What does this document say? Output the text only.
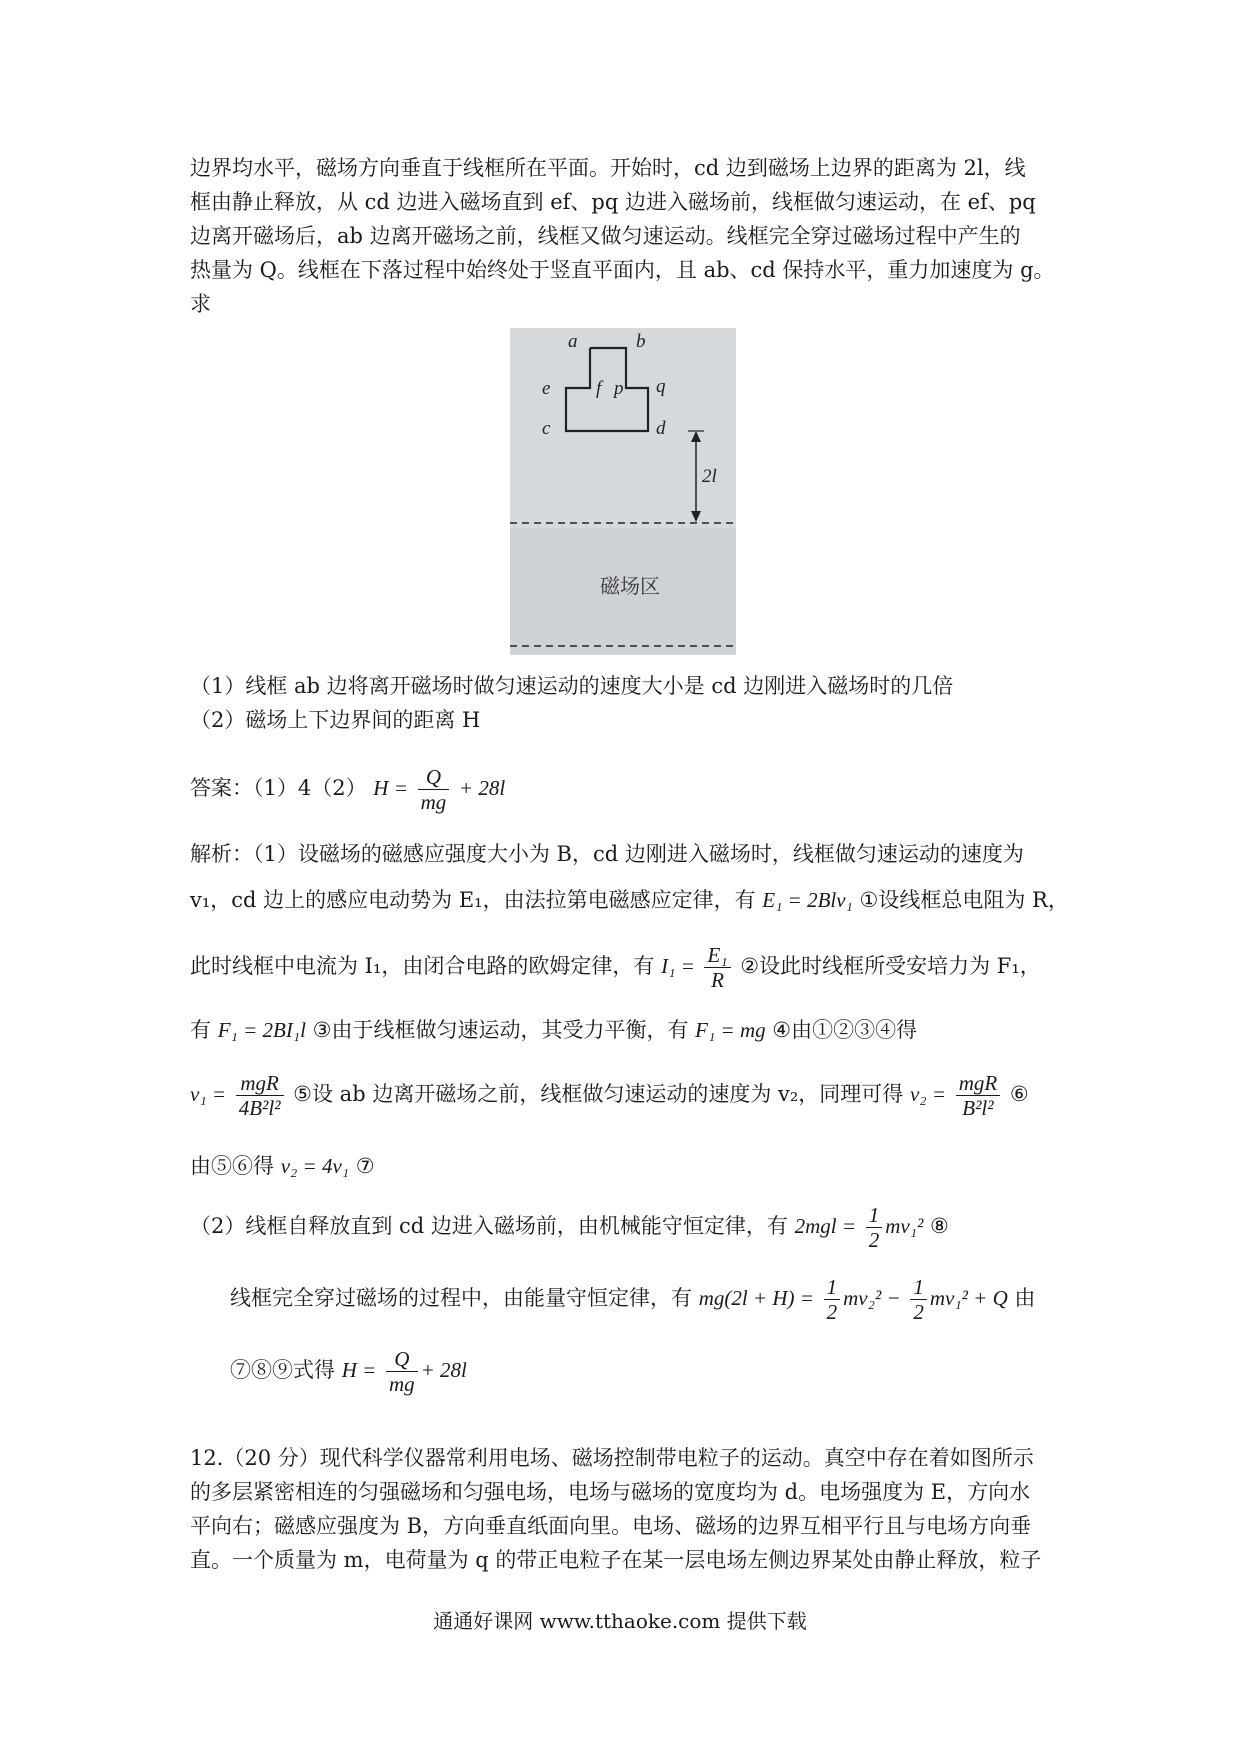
边界均水平，磁场方向垂直于线框所在平面。开始时，cd 边到磁场上边界的距离为 2l，线
框由静止释放，从 cd 边进入磁场直到 ef、pq 边进入磁场前，线框做匀速运动，在 ef、pq
边离开磁场后，ab 边离开磁场之前，线框又做匀速运动。线框完全穿过磁场过程中产生的
热量为 Q。线框在下落过程中始终处于竖直平面内，且 ab、cd 保持水平，重力加速度为 g。
求
a	b
e f p q
c	d
2l
磁场区
（1）线框 ab 边将离开磁场时做匀速运动的速度大小是 cd 边刚进入磁场时的几倍
（2）磁场上下边界间的距离 H
答案：（1）4（2） $H = \frac{Q}{mg} + 28l$
解析：（1）设磁场的磁感应强度大小为 B，cd 边刚进入磁场时，线框做匀速运动的速度为
v₁，cd 边上的感应电动势为 E₁，由法拉第电磁感应定律，有 E₁ = 2Blv₁ ①设线框总电阻为 R，
此时线框中电流为 I₁，由闭合电路的欧姆定律，有 $I_1 = \frac{\text{E₁}}{R}$ ②设此时线框所受安培力为 F₁，
有 F₁ = 2BI₁l ③由于线框做匀速运动，其受力平衡，有 F₁ = mg ④由①②③④得
$v_1 = \frac{\text{mgR}}{\text{4B²l²}}$ ⑤设 ab 边离开磁场之前，线框做匀速运动的速度为 v₂，同理可得 $v_2 = \frac{\text{mgR}}{\text{B²l²}}$ ⑥
由⑤⑥得 v₂ = 4v₁ ⑦
（2）线框自释放直到 cd 边进入磁场前，由机械能守恒定律，有 $2mgl = \frac{1}{2} mv_1^2$ ⑧
线框完全穿过磁场的过程中，由能量守恒定律，有 $mg(2l + H) = \frac{1}{2} mv_2^2 - \frac{1}{2} mv_1^2 + Q$ 由
⑦⑧⑨式得 $H = \frac{Q}{mg} + 28l$
12.（20 分）现代科学仪器常利用电场、磁场控制带电粒子的运动。真空中存在着如图所示
的多层紧密相连的匀强磁场和匀强电场，电场与磁场的宽度均为 d。电场强度为 E，方向水
平向右；磁感应强度为 B，方向垂直纸面向里。电场、磁场的边界互相平行且与电场方向垂
直。一个质量为 m，电荷量为 q 的带正电粒子在某一层电场左侧边界某处由静止释放，粒子
通通好课网 www.tthaoke.com 提供下载
